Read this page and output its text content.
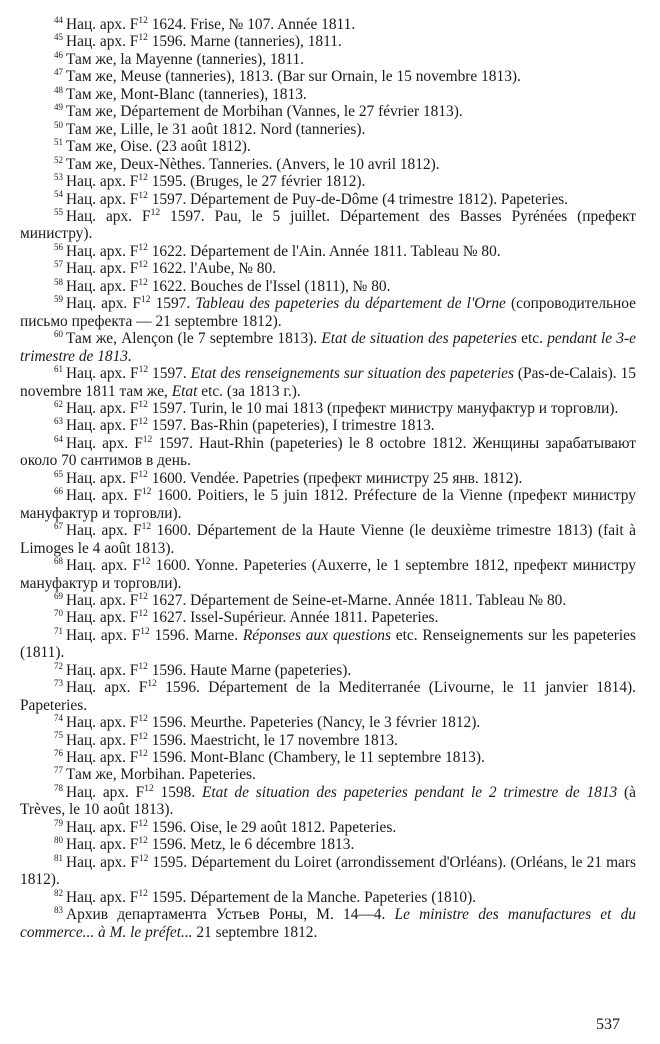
$^{44}$ Нац. арх. $F^{12}$ 1624. Frise, № 107. Année 1811.

$^{45}$ Нац. арх. $F^{12}$ 1596. Marne (tanneries), 1811.

$^{46}$ Там же, la Mayenne (tanneries), 1811.

$^{47}$ Там же, Meuse (tanneries), 1813. (Bar sur Ornain, le 15 novembre 1813).

$^{48}$ Там же, Mont-Blanc (tanneries), 1813.

$^{49}$ Там же, Département de Morbihan (Vannes, le 27 février 1813).

$^{50}$ Там же, Lille, le 31 août 1812. Nord (tanneries).

$^{51}$ Там же, Oise. (23 août 1812).

$^{52}$ Там же, Deux-Nèthes. Tanneries. (Anvers, le 10 avril 1812).

$^{53}$ Нац. арх. $F^{12}$ 1595. (Bruges, le 27 février 1812).

$^{54}$ Нац. арх. $F^{12}$ 1597. Département de Puy-de-Dôme (4 trimestre 1812). Papeteries.

$^{55}$ Нац. арх. $F^{12}$ 1597. Pau, le 5 juillet. Département des Basses Pyrénées (префект министру).

$^{56}$ Нац. арх. $F^{12}$ 1622. Département de l'Ain. Année 1811. Tableau № 80.

$^{57}$ Нац. арх. $F^{12}$ 1622. l'Aube, № 80.

$^{58}$ Нац. арх. $F^{12}$ 1622. Bouches de l'Issel (1811), № 80.

$^{59}$ Нац. арх. $F^{12}$ 1597. Tableau des papeteries du département de l'Orne (сопроводительное письмо префекта — 21 septembre 1812).

$^{60}$ Там же, Alençon (le 7 septembre 1813). Etat de situation des papeteries etc. pendant le 3-e trimestre de 1813.

$^{61}$ Нац. арх. $F^{12}$ 1597. Etat des renseignements sur situation des papeteries (Pas-de-Calais). 15 novembre 1811 там же, Etat etc. (за 1813 г.).

$^{62}$ Нац. арх. $F^{12}$ 1597. Turin, le 10 mai 1813 (префект министру мануфактур и торговли).

$^{63}$ Нац. арх. $F^{12}$ 1597. Bas-Rhin (papeteries), I trimestre 1813.

$^{64}$ Нац. арх. $F^{12}$ 1597. Haut-Rhin (papeteries) le 8 octobre 1812. Женщины зарабатывают около 70 сантимов в день.

$^{65}$ Нац. арх. $F^{12}$ 1600. Vendée. Papetries (префект министру 25 янв. 1812).

$^{66}$ Нац. арх. $F^{12}$ 1600. Poitiers, le 5 juin 1812. Préfecture de la Vienne (префект министру мануфактур и торговли).

$^{67}$ Нац. арх. $F^{12}$ 1600. Département de la Haute Vienne (le deuxième trimestre 1813) (fait à Limoges le 4 août 1813).

$^{68}$ Нац. арх. $F^{12}$ 1600. Yonne. Papeteries (Auxerre, le 1 septembre 1812, префект министру мануфактур и торговли).

$^{69}$ Нац. арх. $F^{12}$ 1627. Département de Seine-et-Marne. Année 1811. Tableau № 80.

$^{70}$ Нац. арх. $F^{12}$ 1627. Issel-Supérieur. Année 1811. Papeteries.

$^{71}$ Нац. арх. $F^{12}$ 1596. Marne. Réponses aux questions etc. Renseignements sur les papeteries (1811).

$^{72}$ Нац. арх. $F^{12}$ 1596. Haute Marne (papeteries).

$^{73}$ Нац. арх. $F^{12}$ 1596. Département de la Mediterranée (Livourne, le 11 janvier 1814). Papeteries.

$^{74}$ Нац. арх. $F^{12}$ 1596. Meurthe. Papeteries (Nancy, le 3 février 1812).

$^{75}$ Нац. арх. $F^{12}$ 1596. Maestricht, le 17 novembre 1813.

$^{76}$ Нац. арх. $F^{12}$ 1596. Mont-Blanc (Chambery, le 11 septembre 1813).

$^{77}$ Там же, Morbihan. Papeteries.

$^{78}$ Нац. арх. $F^{12}$ 1598. Etat de situation des papeteries pendant le 2 trimestre de 1813 (à Trèves, le 10 août 1813).

$^{79}$ Нац. арх. $F^{12}$ 1596. Oise, le 29 août 1812. Papeteries.

$^{80}$ Нац. арх. $F^{12}$ 1596. Metz, le 6 décembre 1813.

$^{81}$ Нац. арх. $F^{12}$ 1595. Département du Loiret (arrondissement d'Orléans). (Orléans, le 21 mars 1812).

$^{82}$ Нац. арх. $F^{12}$ 1595. Département de la Manche. Papeteries (1810).

$^{83}$ Архив департамента Устьев Роны, М. 14—4. Le ministre des manufactures et du commerce... à M. le préfet... 21 septembre 1812.

537
